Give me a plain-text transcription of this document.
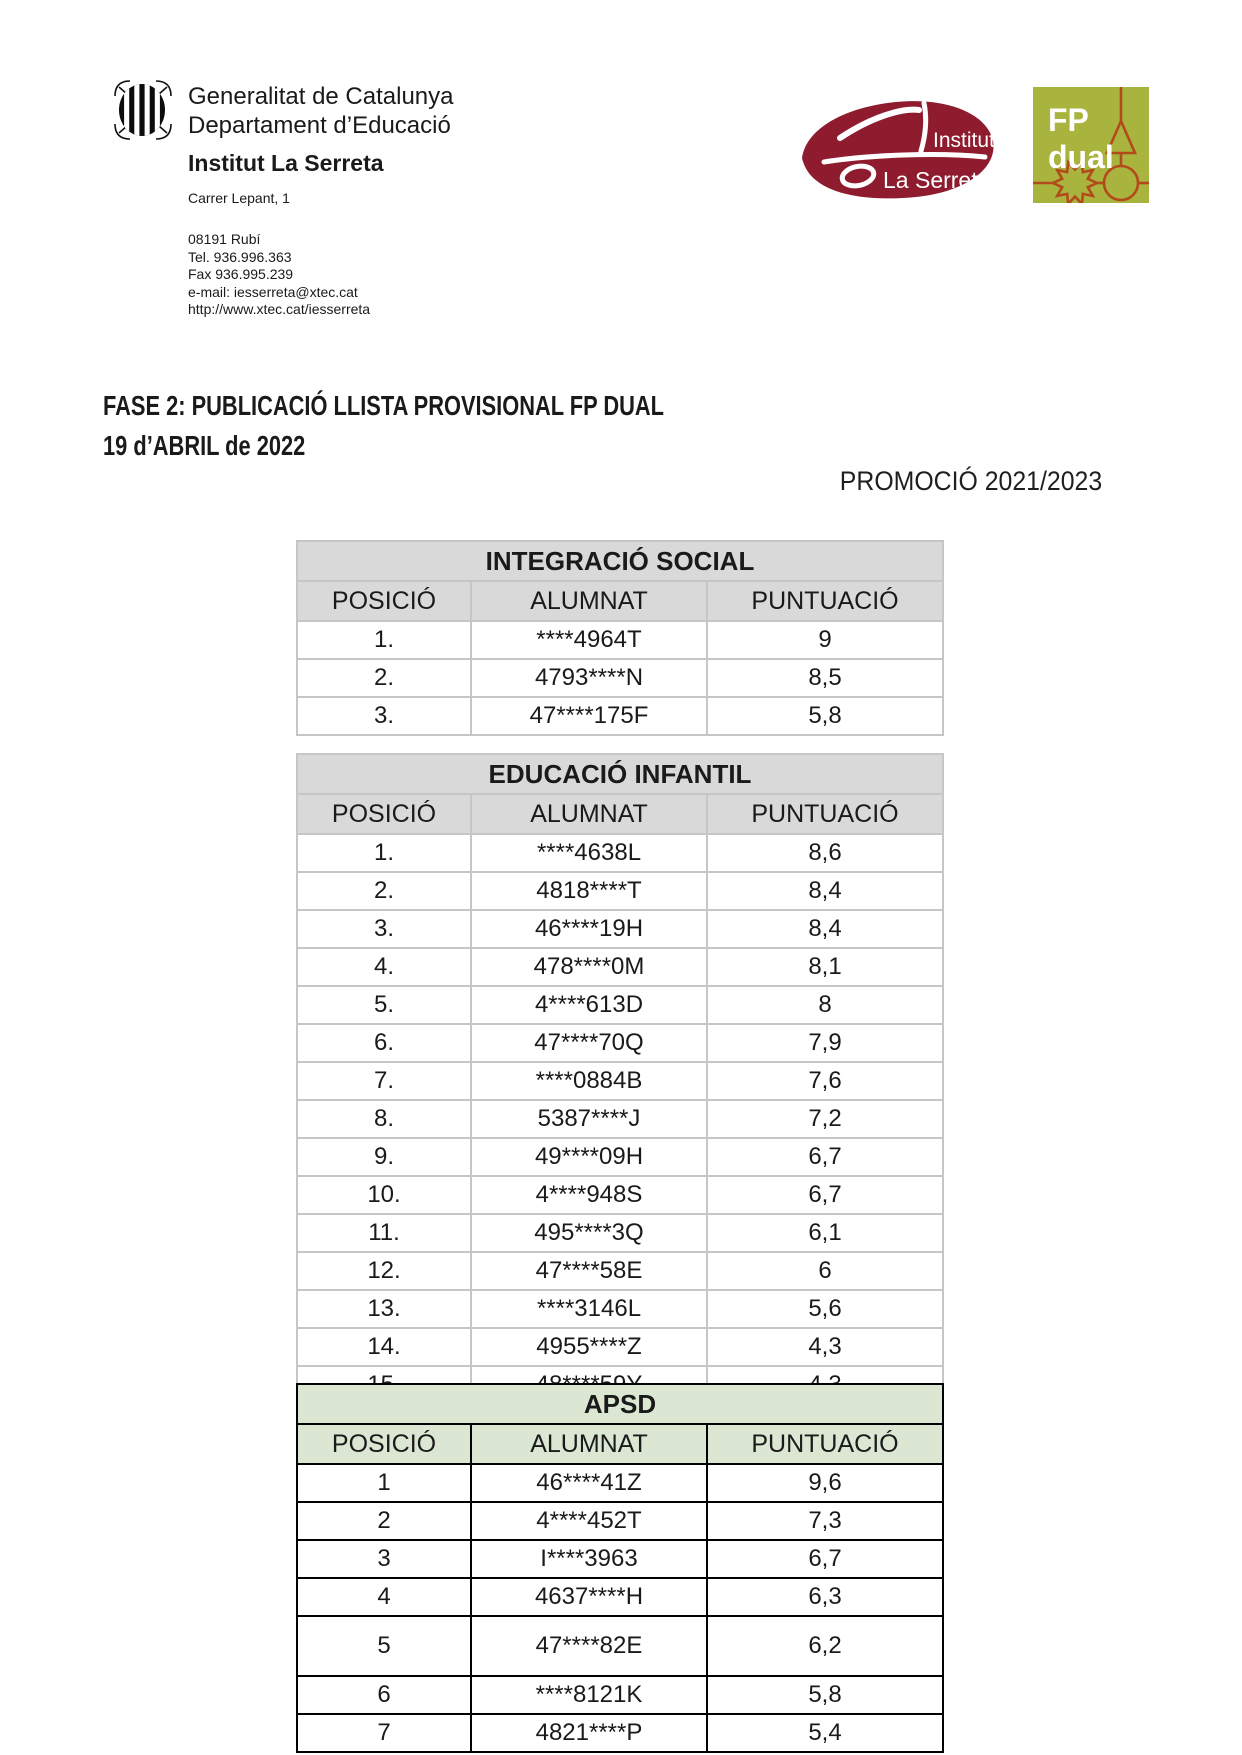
Generalitat de Catalunya
Departament d’Educació
Institut La Serreta
Carrer Lepant, 1
08191 Rubí
Tel. 936.996.363
Fax 936.995.239
e-mail: iesserreta@xtec.cat
http://www.xtec.cat/iesserreta
Institut
La Serreta
FP
dual
FASE 2: PUBLICACIÓ LLISTA PROVISIONAL FP DUAL
19 d’ABRIL de 2022
PROMOCIÓ 2021/2023
INTEGRACIÓ SOCIAL		
POSICIÓ	ALUMNAT	PUNTUACIÓ
1.	****4964T	9
2.	4793****N	8,5
3.	47****175F	5,8
EDUCACIÓ INFANTIL		
POSICIÓ	ALUMNAT	PUNTUACIÓ
1.	****4638L	8,6
2.	4818****T	8,4
3.	46****19H	8,4
4.	478****0M	8,1
5.	4****613D	8
6.	47****70Q	7,9
7.	****0884B	7,6
8.	5387****J	7,2
9.	49****09H	6,7
10.	4****948S	6,7
11.	495****3Q	6,1
12.	47****58E	6
13.	****3146L	5,6
14.	4955****Z	4,3

APSD		
POSICIÓ	ALUMNAT	PUNTUACIÓ
1	46****41Z	9,6
2	4****452T	7,3
3	I****3963	6,7
4	4637****H	6,3
5	47****82E	6,2
6	****8121K	5,8
7	4821****P	5,4
